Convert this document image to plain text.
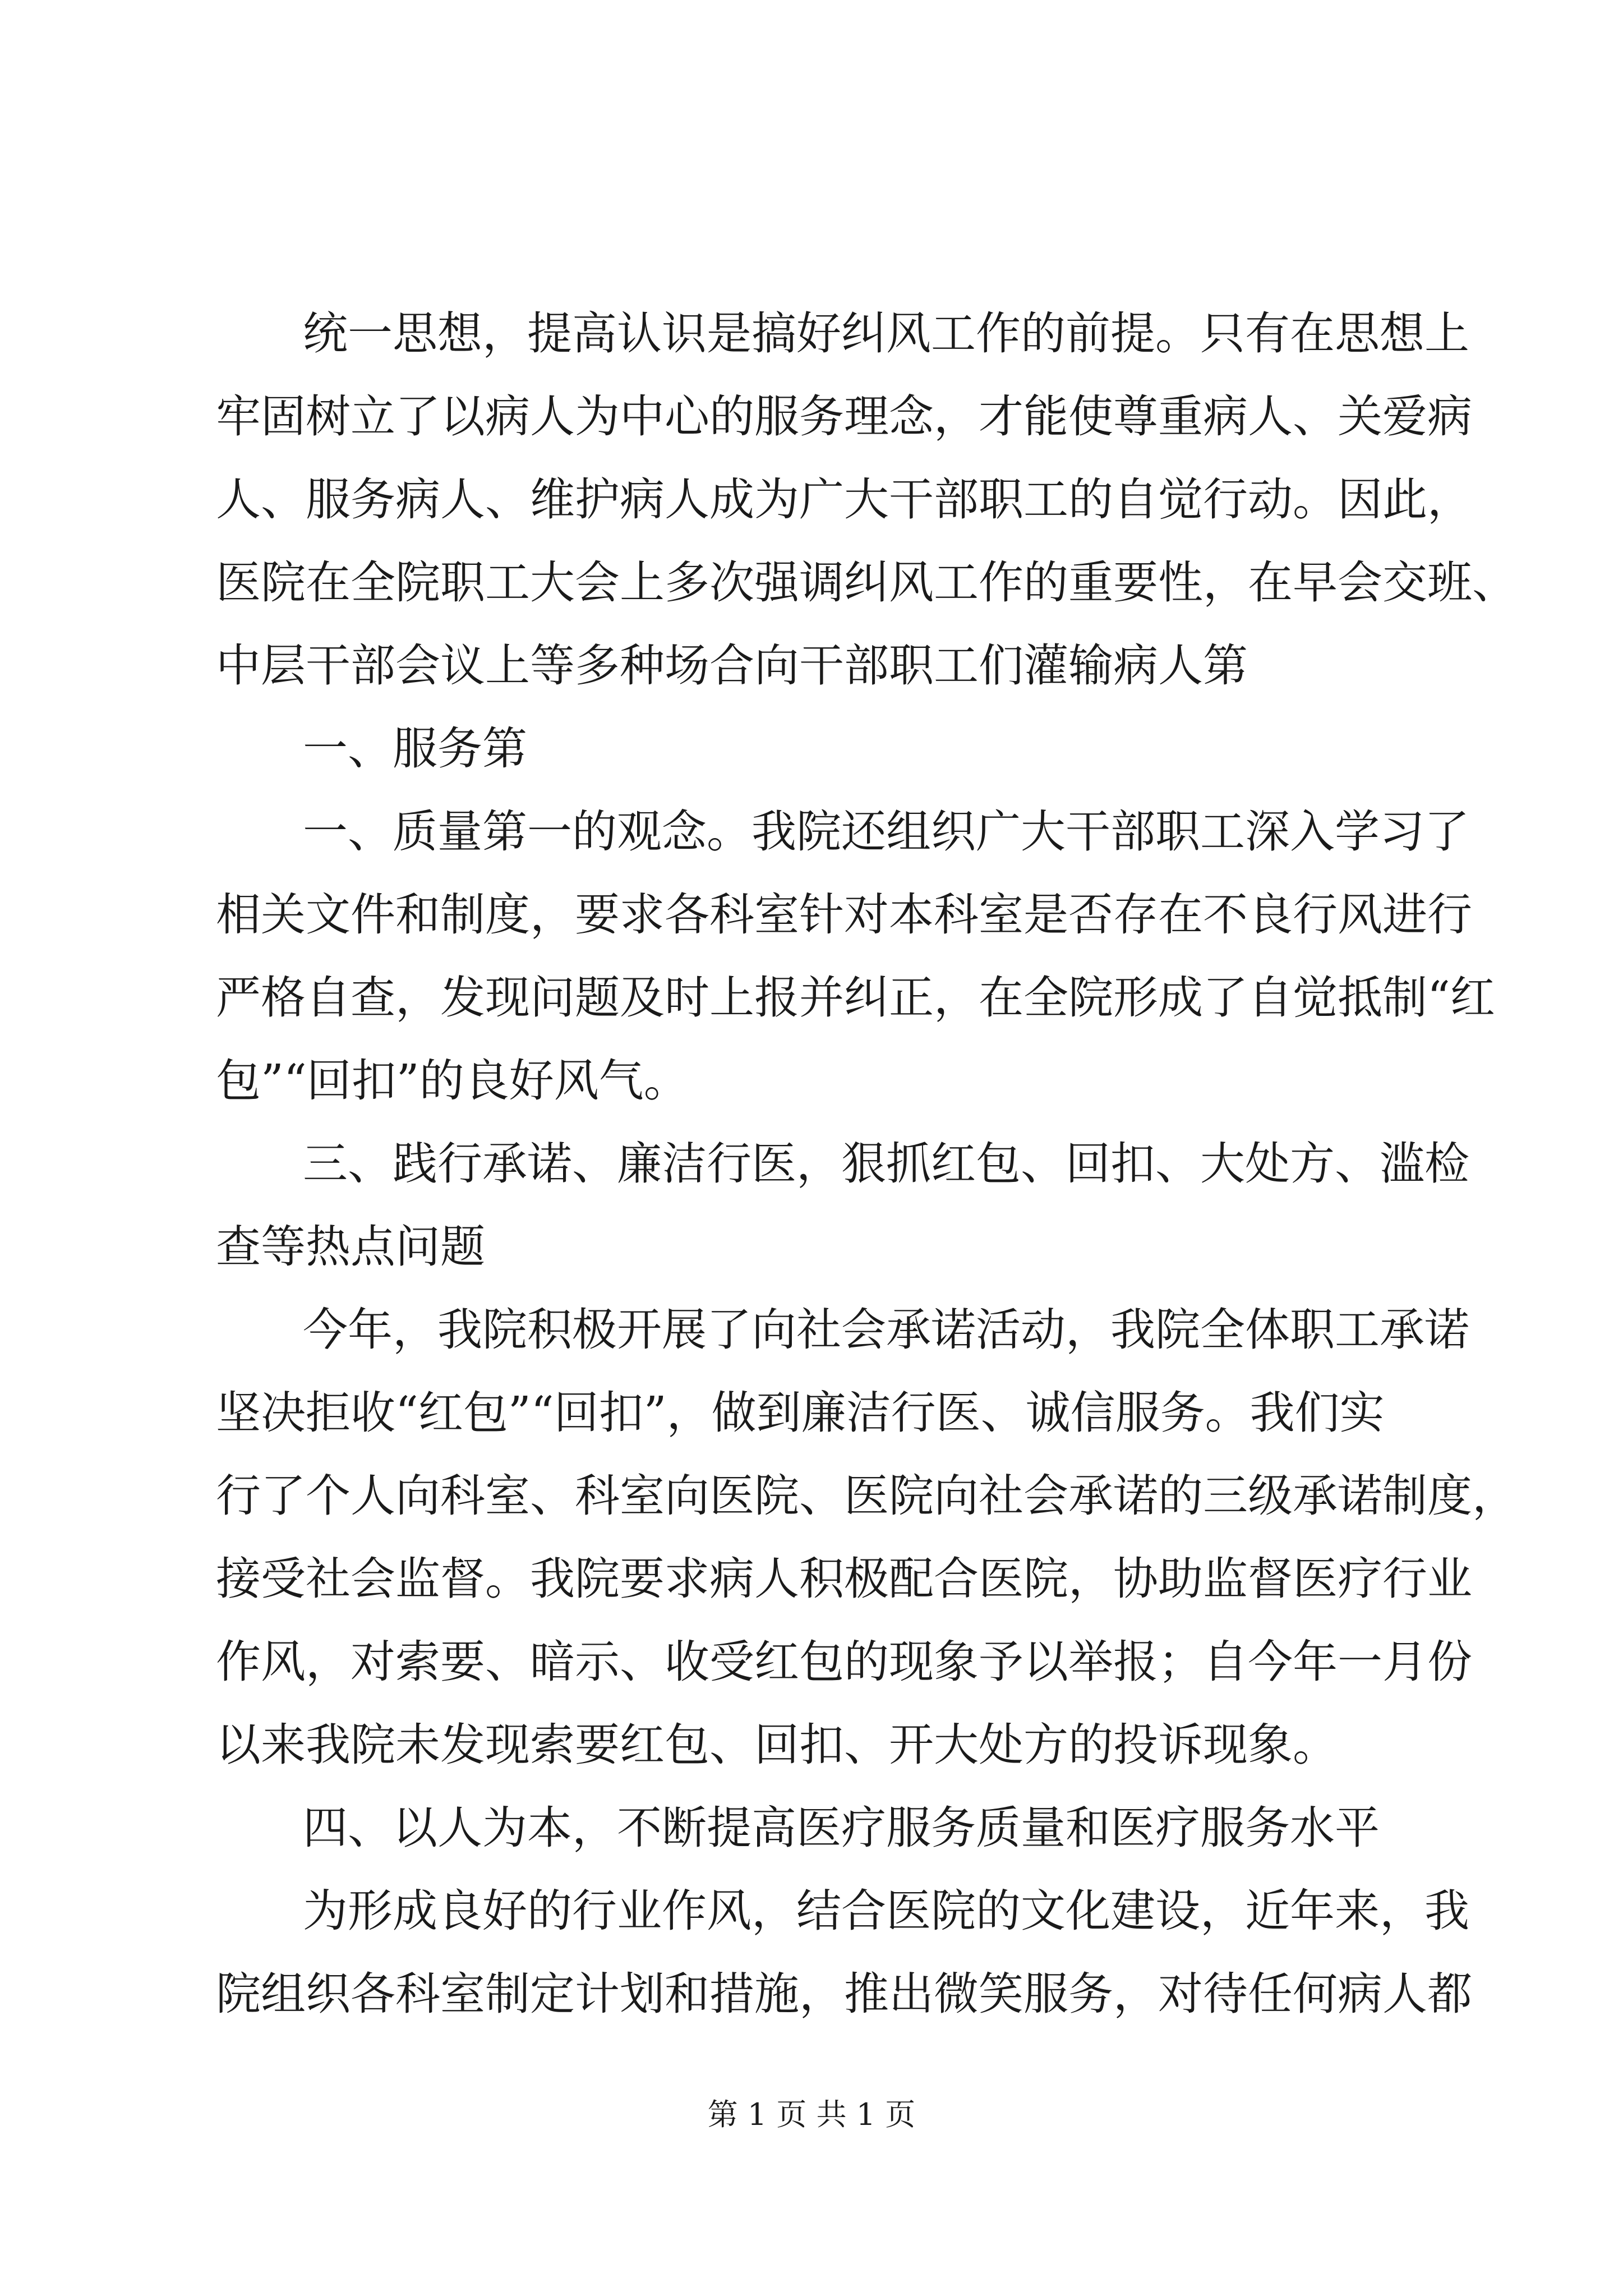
统一思想，提高认识是搞好纠风工作的前提。只有在思想上
牢固树立了以病人为中心的服务理念，才能使尊重病人、关爱病
人、服务病人、维护病人成为广大干部职工的自觉行动。因此，
医院在全院职工大会上多次强调纠风工作的重要性，在早会交班、
中层干部会议上等多种场合向干部职工们灌输病人第
一、服务第
一、质量第一的观念。我院还组织广大干部职工深入学习了
相关文件和制度，要求各科室针对本科室是否存在不良行风进行
严格自查，发现问题及时上报并纠正，在全院形成了自觉抵制“红
包”“回扣”的良好风气。
三、践行承诺、廉洁行医，狠抓红包、回扣、大处方、滥检
查等热点问题
今年，我院积极开展了向社会承诺活动，我院全体职工承诺
坚决拒收“红包”“回扣”，做到廉洁行医、诚信服务。我们实
行了个人向科室、科室向医院、医院向社会承诺的三级承诺制度，
接受社会监督。我院要求病人积极配合医院，协助监督医疗行业
作风，对索要、暗示、收受红包的现象予以举报；自今年一月份
以来我院未发现索要红包、回扣、开大处方的投诉现象。
四、以人为本，不断提高医疗服务质量和医疗服务水平
为形成良好的行业作风，结合医院的文化建设，近年来，我
院组织各科室制定计划和措施，推出微笑服务，对待任何病人都
第 1 页 共 1 页
